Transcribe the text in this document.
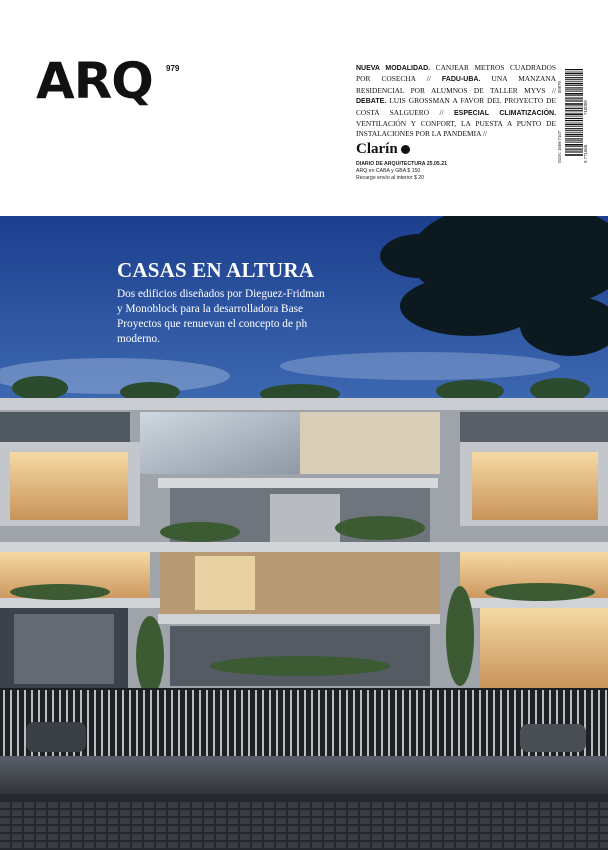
ARQ 979	NUEVA MODALIDAD. CANJEAR METROS CUADRADOS POR COSECHA // FADU-UBA. UNA MANZANA RESIDENCIAL POR ALUMNOS DE TALLER MYVS // DEBATE. LUIS GROSSMAN A FAVOR DEL PROYECTO DE COSTA SALGUERO // ESPECIAL CLIMATIZACIÓN. VENTILACIÓN Y CONFORT, LA PUESTA A PUNTO DE INSTALACIONES POR LA PANDEMIA //
Clarín
DIARIO DE ARQUITECTURA 25.05.21
ARQ en CABA y GBA $ 150
Recargo envío al interior $ 20
ISSN: 1666-7107	9 771666
710008
00979
CASAS EN ALTURA
Dos edificios diseñados por Dieguez-Fridman y Monoblock para la desarrolladora Base Proyectos que renuevan el concepto de ph moderno.
